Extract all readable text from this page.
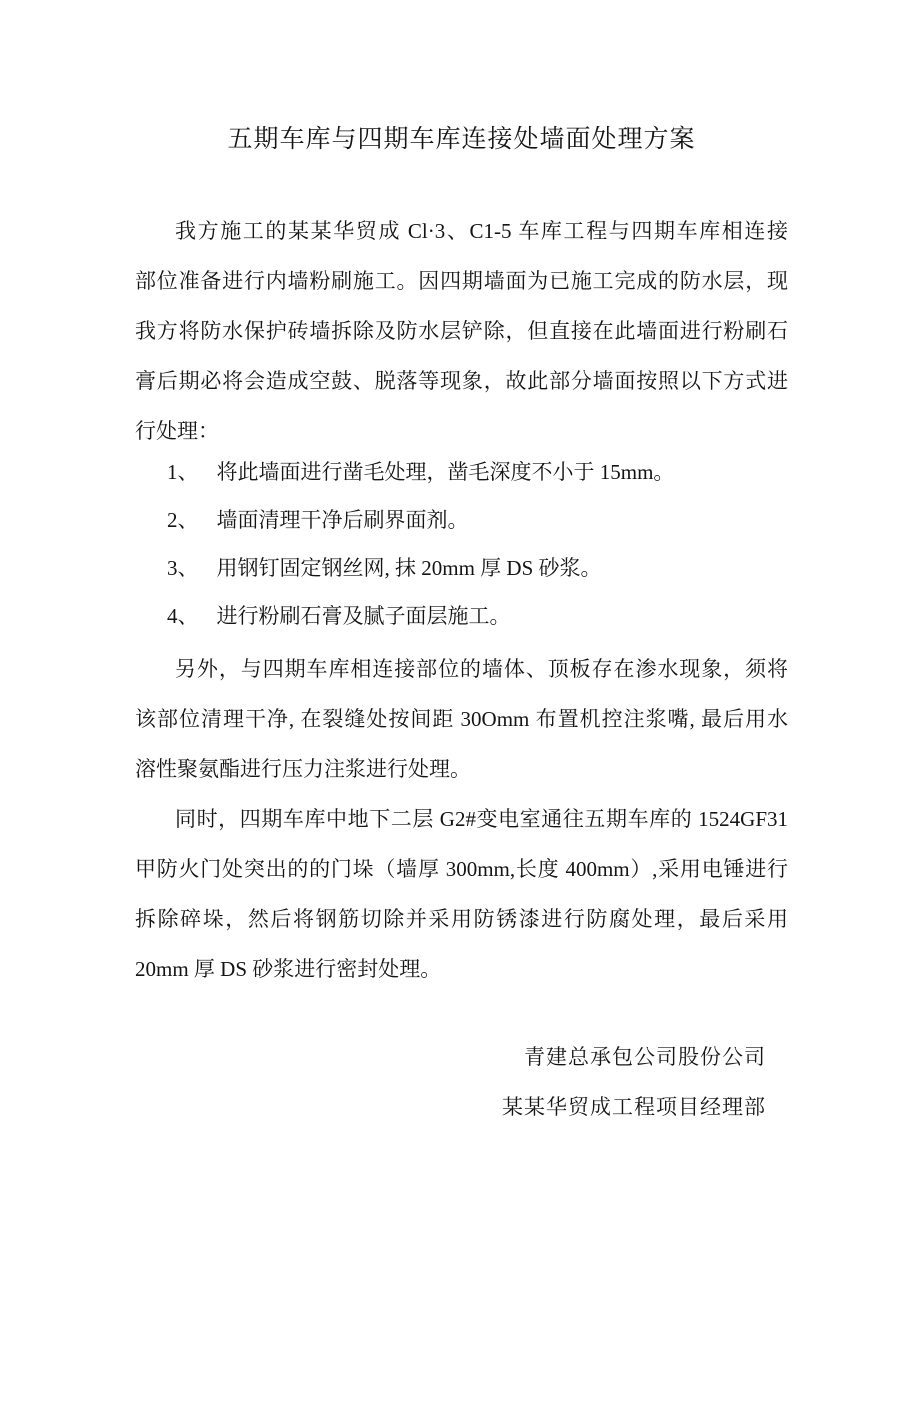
五期车库与四期车库连接处墙面处理方案
我方施工的某某华贸成 Cl·3、C1-5 车库工程与四期车库相连接
部位准备进行内墙粉刷施工。因四期墙面为已施工完成的防水层，现
我方将防水保护砖墙拆除及防水层铲除，但直接在此墙面进行粉刷石
膏后期必将会造成空鼓、脱落等现象，故此部分墙面按照以下方式进
行处理：
1、 将此墙面进行凿毛处理，凿毛深度不小于 15mm。
2、 墙面清理干净后刷界面剂。
3、 用钢钉固定钢丝网, 抹 20mm 厚 DS 砂浆。
4、 进行粉刷石膏及腻子面层施工。
另外，与四期车库相连接部位的墙体、顶板存在渗水现象，须将
该部位清理干净, 在裂缝处按间距 30Omm 布置机控注浆嘴, 最后用水
溶性聚氨酯进行压力注浆进行处理。
同时，四期车库中地下二层 G2#变电室通往五期车库的 1524GF31
甲防火门处突出的的门垛（墙厚 300mm,长度 400mm）,采用电锤进行
拆除碎垛，然后将钢筋切除并采用防锈漆进行防腐处理，最后采用
20mm 厚 DS 砂浆进行密封处理。
青建总承包公司股份公司
某某华贸成工程项目经理部
